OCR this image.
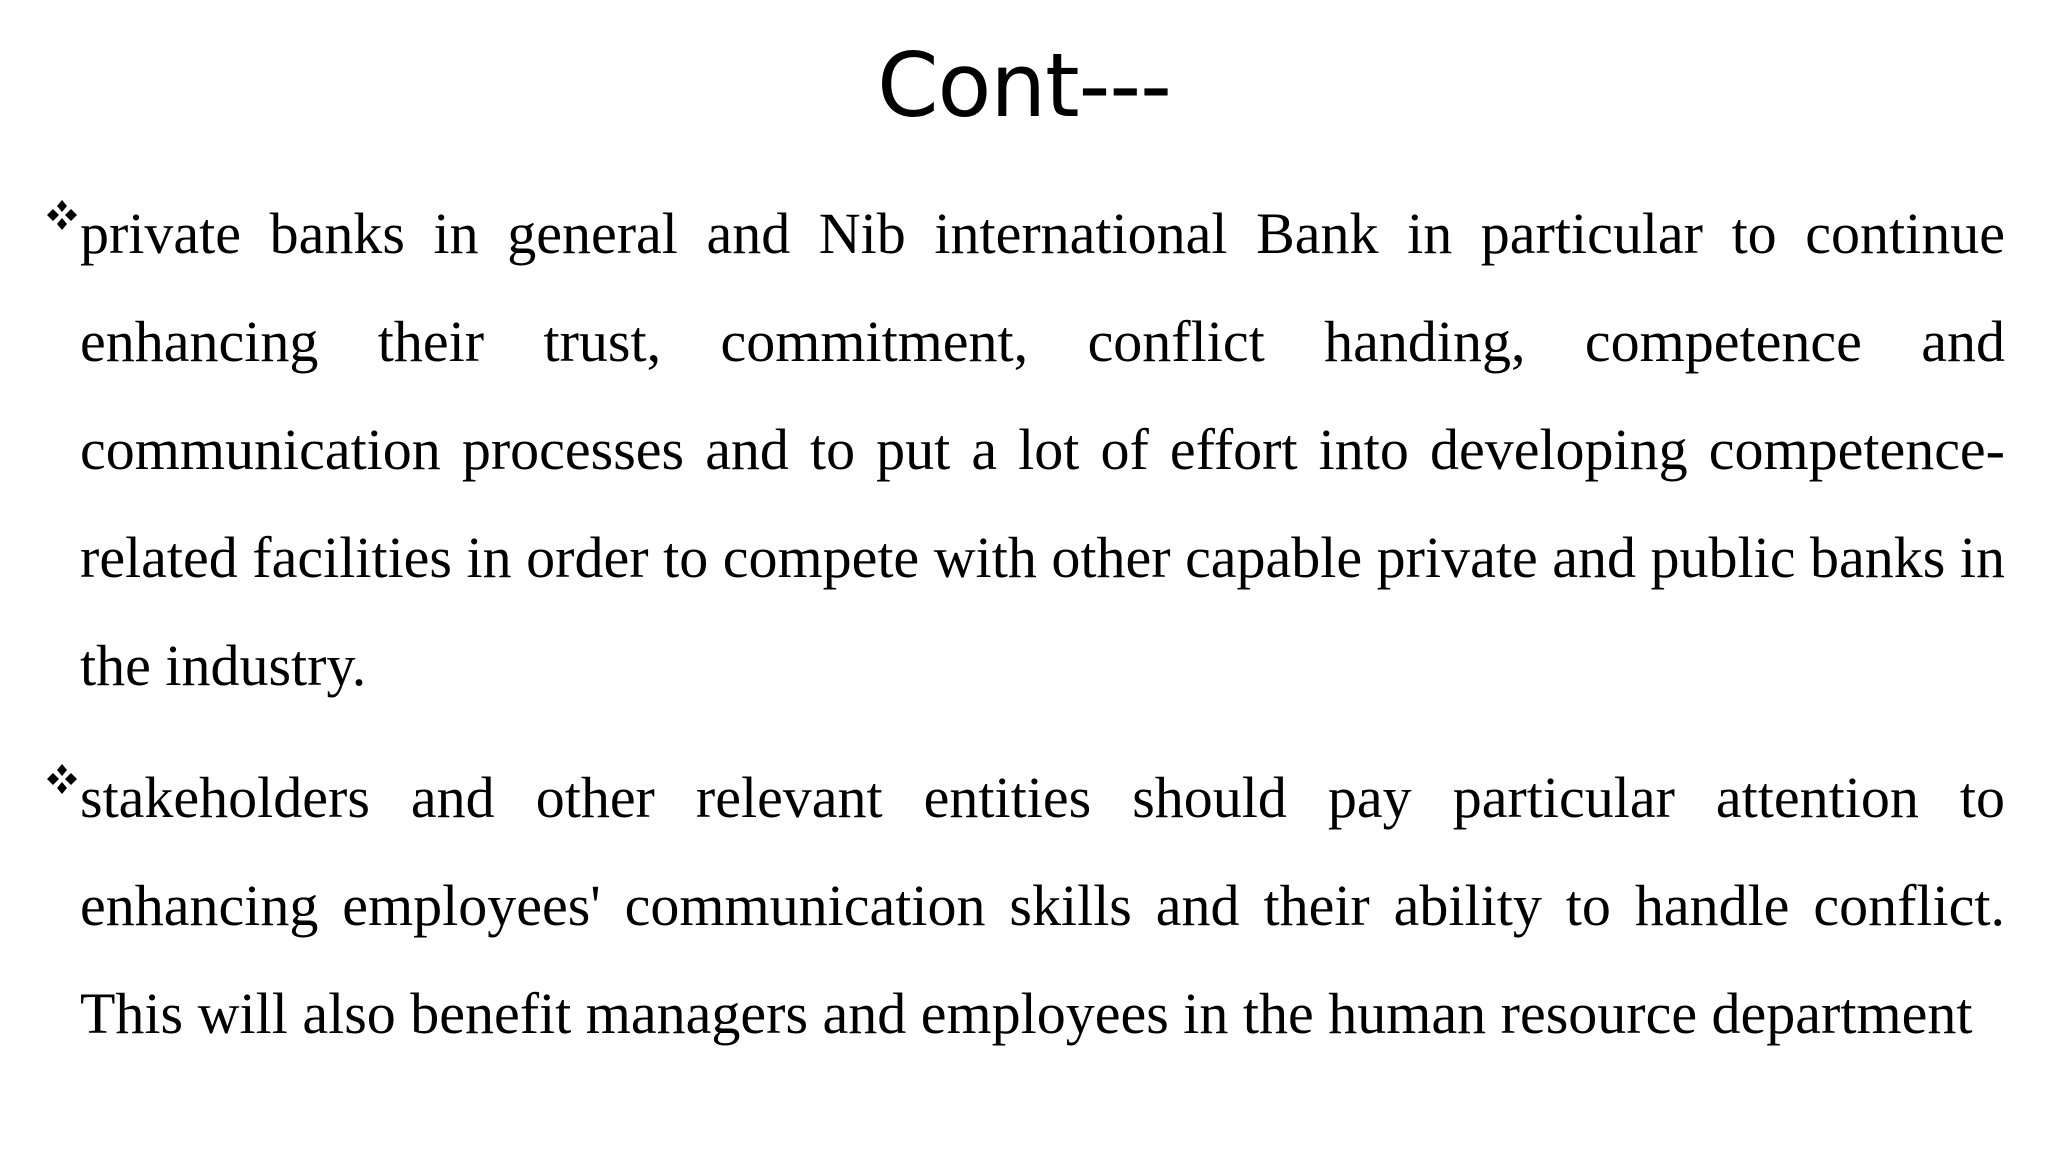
Cont---

private banks in general and Nib international Bank in particular to continue enhancing their trust, commitment, conflict handing, competence and communication processes and to put a lot of effort into developing competence-related facilities in order to compete with other capable private and public banks in the industry.

stakeholders and other relevant entities should pay particular attention to enhancing employees' communication skills and their ability to handle conflict. This will also benefit managers and employees in the human resource department
